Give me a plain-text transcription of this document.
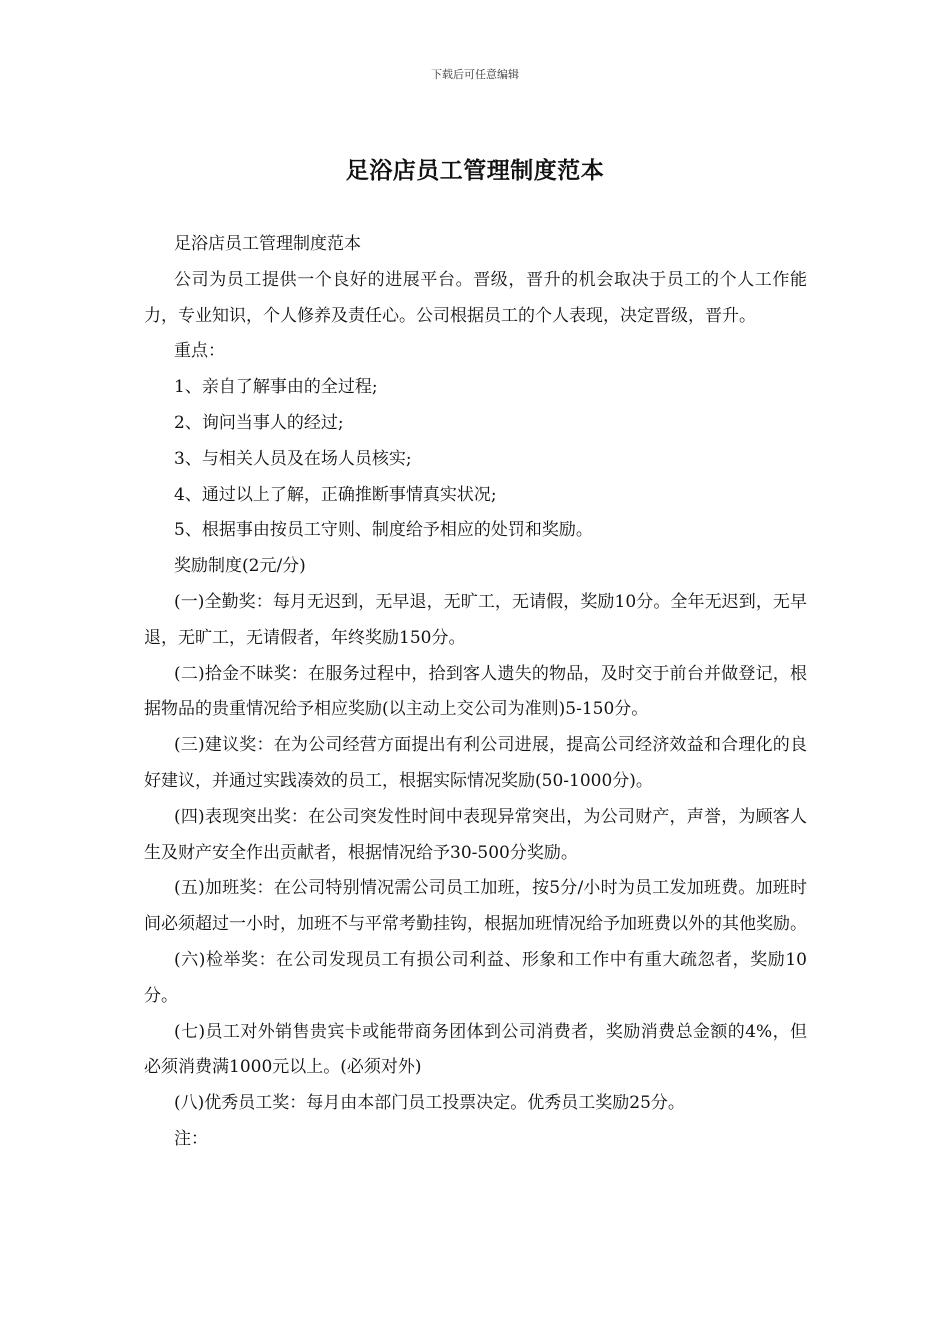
下载后可任意编辑
足浴店员工管理制度范本

足浴店员工管理制度范本

公司为员工提供一个良好的进展平台。晋级，晋升的机会取决于员工的个人工作能力，专业知识，个人修养及责任心。公司根据员工的个人表现，决定晋级，晋升。

重点：

1、亲自了解事由的全过程;

2、询问当事人的经过;

3、与相关人员及在场人员核实;

4、通过以上了解，正确推断事情真实状况;

5、根据事由按员工守则、制度给予相应的处罚和奖励。

奖励制度(2元/分)

(一)全勤奖：每月无迟到，无早退，无旷工，无请假，奖励10分。全年无迟到，无早退，无旷工，无请假者，年终奖励150分。

(二)拾金不昧奖：在服务过程中，拾到客人遗失的物品，及时交于前台并做登记，根据物品的贵重情况给予相应奖励(以主动上交公司为准则)5-150分。

(三)建议奖：在为公司经营方面提出有利公司进展，提高公司经济效益和合理化的良好建议，并通过实践凑效的员工，根据实际情况奖励(50-1000分)。

(四)表现突出奖：在公司突发性时间中表现异常突出，为公司财产，声誉，为顾客人生及财产安全作出贡献者，根据情况给予30-500分奖励。

(五)加班奖：在公司特别情况需公司员工加班，按5分/小时为员工发加班费。加班时间必须超过一小时，加班不与平常考勤挂钩，根据加班情况给予加班费以外的其他奖励。

(六)检举奖：在公司发现员工有损公司利益、形象和工作中有重大疏忽者，奖励10分。

(七)员工对外销售贵宾卡或能带商务团体到公司消费者，奖励消费总金额的4%，但必须消费满1000元以上。(必须对外)

(八)优秀员工奖：每月由本部门员工投票决定。优秀员工奖励25分。

注：
